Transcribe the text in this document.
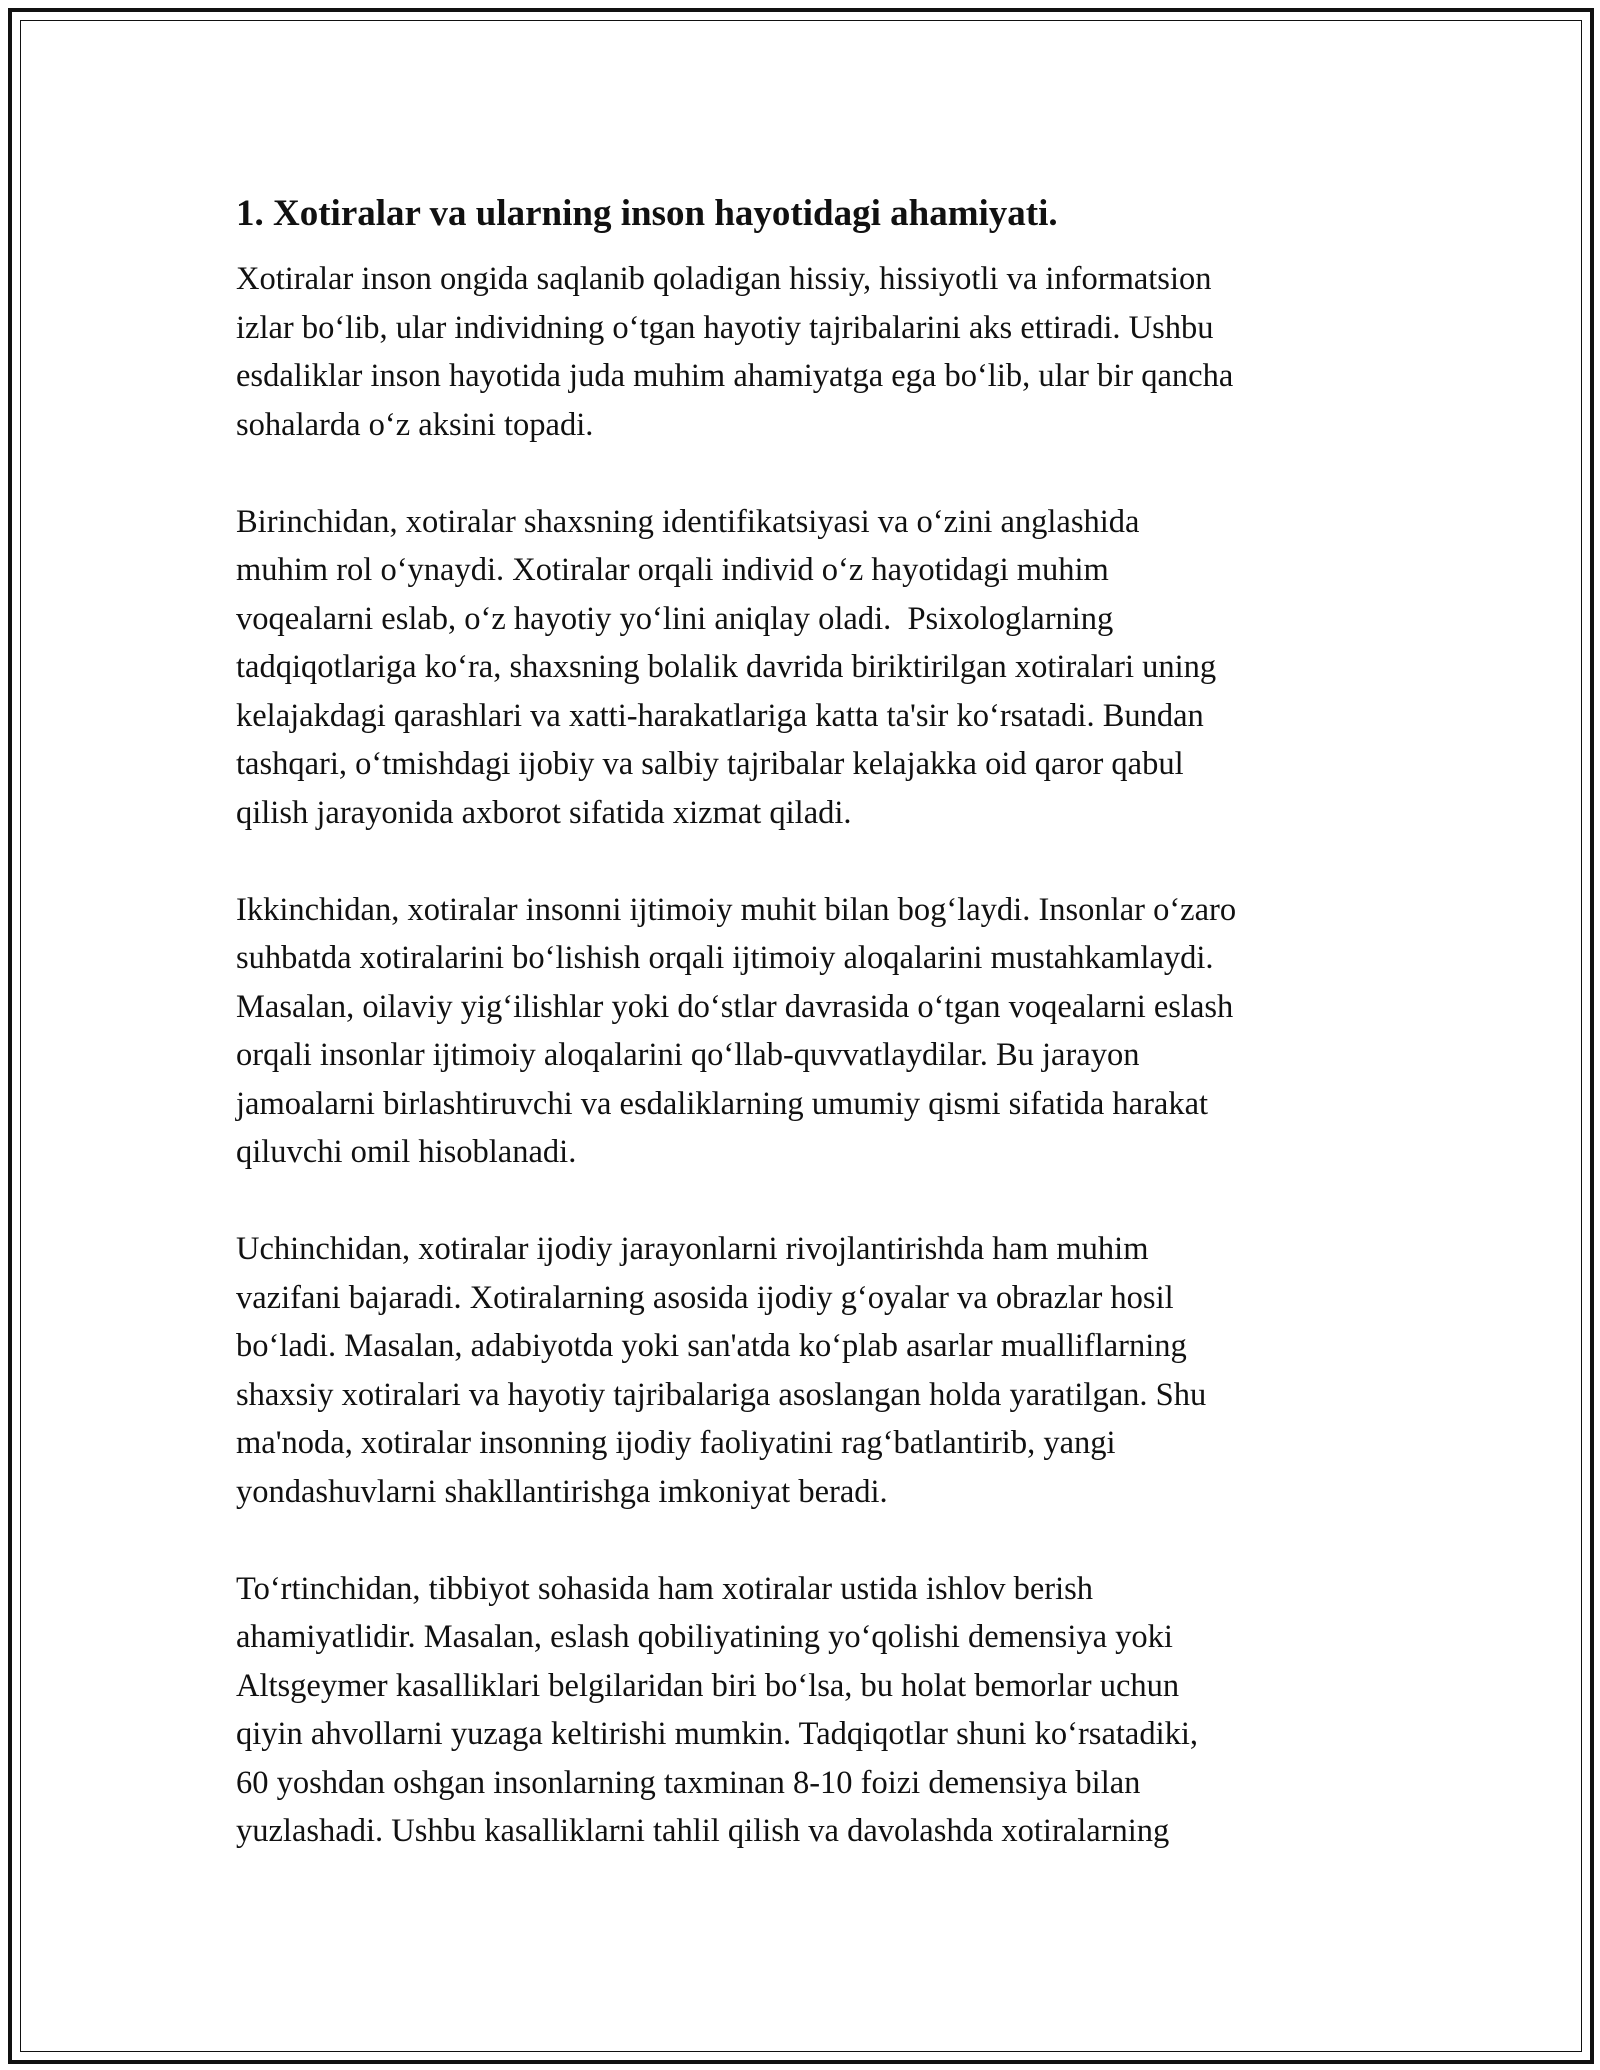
1. Xotiralar va ularning inson hayotidagi ahamiyati.
Xotiralar inson ongida saqlanib qoladigan hissiy, hissiyotli va informatsion
izlar bo‘lib, ular individning o‘tgan hayotiy tajribalarini aks ettiradi. Ushbu
esdaliklar inson hayotida juda muhim ahamiyatga ega bo‘lib, ular bir qancha
sohalarda o‘z aksini topadi.
Birinchidan, xotiralar shaxsning identifikatsiyasi va o‘zini anglashida
muhim rol o‘ynaydi. Xotiralar orqali individ o‘z hayotidagi muhim
voqealarni eslab, o‘z hayotiy yo‘lini aniqlay oladi.  Psixologlarning
tadqiqotlariga ko‘ra, shaxsning bolalik davrida biriktirilgan xotiralari uning
kelajakdagi qarashlari va xatti-harakatlariga katta ta'sir ko‘rsatadi. Bundan
tashqari, o‘tmishdagi ijobiy va salbiy tajribalar kelajakka oid qaror qabul
qilish jarayonida axborot sifatida xizmat qiladi.
Ikkinchidan, xotiralar insonni ijtimoiy muhit bilan bog‘laydi. Insonlar o‘zaro
suhbatda xotiralarini bo‘lishish orqali ijtimoiy aloqalarini mustahkamlaydi.
Masalan, oilaviy yig‘ilishlar yoki do‘stlar davrasida o‘tgan voqealarni eslash
orqali insonlar ijtimoiy aloqalarini qo‘llab-quvvatlaydilar. Bu jarayon
jamoalarni birlashtiruvchi va esdaliklarning umumiy qismi sifatida harakat
qiluvchi omil hisoblanadi.
Uchinchidan, xotiralar ijodiy jarayonlarni rivojlantirishda ham muhim
vazifani bajaradi. Xotiralarning asosida ijodiy g‘oyalar va obrazlar hosil
bo‘ladi. Masalan, adabiyotda yoki san'atda ko‘plab asarlar mualliflarning
shaxsiy xotiralari va hayotiy tajribalariga asoslangan holda yaratilgan. Shu
ma'noda, xotiralar insonning ijodiy faoliyatini rag‘batlantirib, yangi
yondashuvlarni shakllantirishga imkoniyat beradi.
To‘rtinchidan, tibbiyot sohasida ham xotiralar ustida ishlov berish
ahamiyatlidir. Masalan, eslash qobiliyatining yo‘qolishi demensiya yoki
Altsgeymer kasalliklari belgilaridan biri bo‘lsa, bu holat bemorlar uchun
qiyin ahvollarni yuzaga keltirishi mumkin. Tadqiqotlar shuni ko‘rsatadiki,
60 yoshdan oshgan insonlarning taxminan 8-10 foizi demensiya bilan
yuzlashadi. Ushbu kasalliklarni tahlil qilish va davolashda xotiralarning
